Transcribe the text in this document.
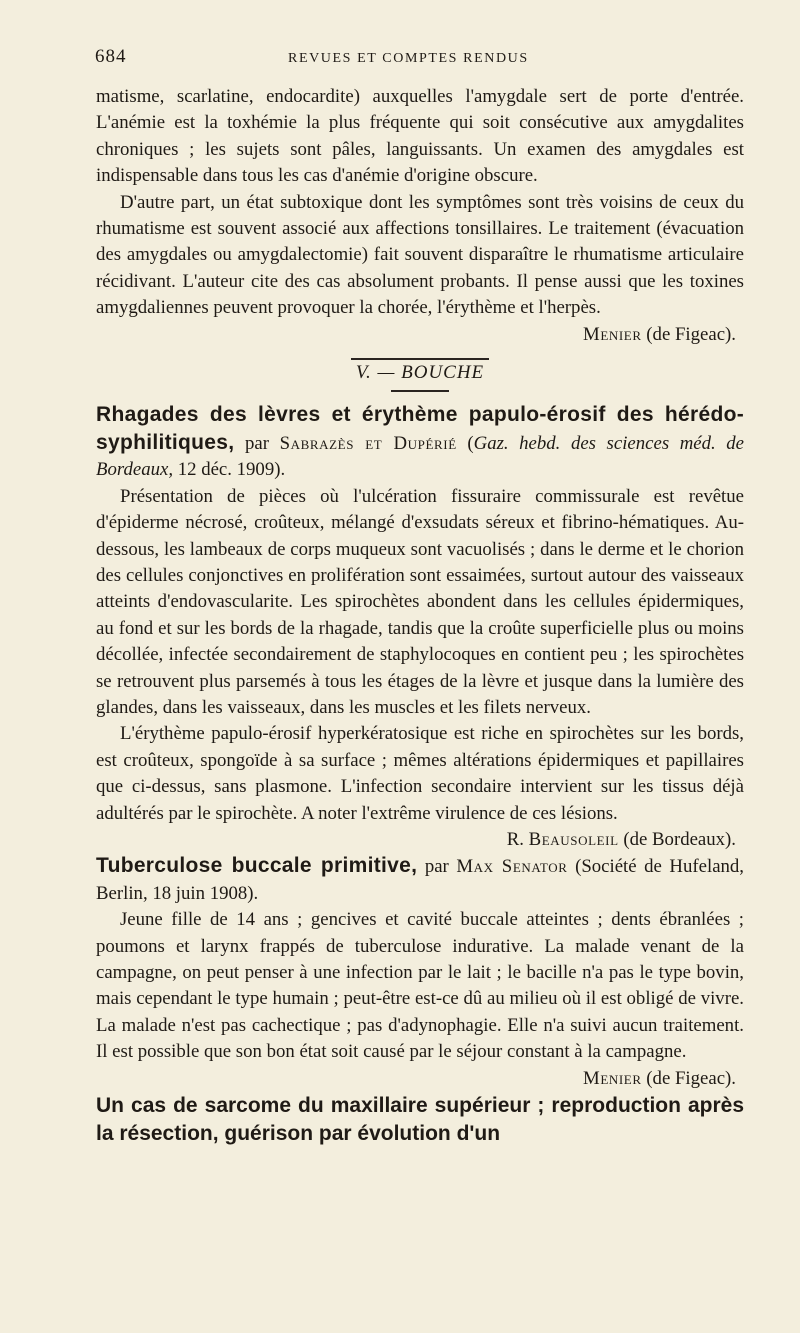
684	REVUES ET COMPTES RENDUS

matisme, scarlatine, endocardite) auxquelles l'amygdale sert de porte d'entrée. L'anémie est la toxhémie la plus fréquente qui soit consécutive aux amygdalites chroniques ; les sujets sont pâles, languissants. Un examen des amygdales est indispensable dans tous les cas d'anémie d'origine obscure.

D'autre part, un état subtoxique dont les symptômes sont très voisins de ceux du rhumatisme est souvent associé aux affections tonsillaires. Le traitement (évacuation des amygdales ou amygdalectomie) fait souvent disparaître le rhumatisme articulaire récidivant. L'auteur cite des cas absolument probants. Il pense aussi que les toxines amygdaliennes peuvent provoquer la chorée, l'érythème et l'herpès.

Menier (de Figeac).

V. — BOUCHE

Rhagades des lèvres et érythème papulo-érosif des hérédo-syphilitiques, par Sabrazès et Dupérié (Gaz. hebd. des sciences méd. de Bordeaux, 12 déc. 1909).

Présentation de pièces où l'ulcération fissuraire commissurale est revêtue d'épiderme nécrosé, croûteux, mélangé d'exsudats séreux et fibrino-hématiques. Au-dessous, les lambeaux de corps muqueux sont vacuolisés ; dans le derme et le chorion des cellules conjonctives en prolifération sont essaimées, surtout autour des vaisseaux atteints d'endovascularite. Les spirochètes abondent dans les cellules épidermiques, au fond et sur les bords de la rhagade, tandis que la croûte superficielle plus ou moins décollée, infectée secondairement de staphylocoques en contient peu ; les spirochètes se retrouvent plus parsemés à tous les étages de la lèvre et jusque dans la lumière des glandes, dans les vaisseaux, dans les muscles et les filets nerveux.

L'érythème papulo-érosif hyperkératosique est riche en spirochètes sur les bords, est croûteux, spongoïde à sa surface ; mêmes altérations épidermiques et papillaires que ci-dessus, sans plasmone. L'infection secondaire intervient sur les tissus déjà adultérés par le spirochète. A noter l'extrême virulence de ces lésions.

R. Beausoleil (de Bordeaux).

Tuberculose buccale primitive, par Max Senator (Société de Hufeland, Berlin, 18 juin 1908).

Jeune fille de 14 ans ; gencives et cavité buccale atteintes ; dents ébranlées ; poumons et larynx frappés de tuberculose indurative. La malade venant de la campagne, on peut penser à une infection par le lait ; le bacille n'a pas le type bovin, mais cependant le type humain ; peut-être est-ce dû au milieu où il est obligé de vivre. La malade n'est pas cachectique ; pas d'adynophagie. Elle n'a suivi aucun traitement. Il est possible que son bon état soit causé par le séjour constant à la campagne.

Menier (de Figeac).

Un cas de sarcome du maxillaire supérieur ; reproduction après la résection, guérison par évolution d'un
